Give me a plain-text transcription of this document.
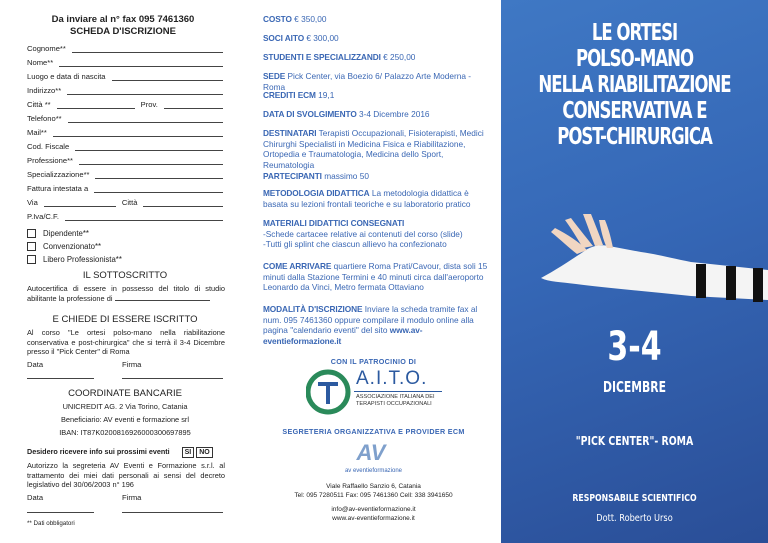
Da inviare al n° fax 095 7461360
SCHEDA D'ISCRIZIONE
Cognome**
Nome**
Luogo e data di nascita
Indirizzo**
Città **	Prov.
Telefono**
Mail**
Cod. Fiscale
Professione**
Specializzazione**
Fattura intestata a
Via	Città
P.Iva/C.F.
Dipendente**
Convenzionato**
Libero Professionista**
IL SOTTOSCRITTO
Autocertifica di essere in possesso del titolo di studio abilitante la professione di
E CHIEDE DI ESSERE ISCRITTO
Al corso "Le ortesi polso-mano nella riabilitazione conservativa e post-chirurgica" che si terrà il 3-4 Dicembre presso il "Pick Center" di Roma
Data	Firma
COORDINATE BANCARIE
UNICREDIT AG. 2 Via Torino, Catania
Beneficiario: AV eventi e formazione srl
IBAN: IT87K0200816926000300697895
Desidero ricevere info sui prossimi eventi SI NO
Autorizzo la segreteria AV Eventi e Formazione s.r.l. al trattamento dei miei dati personali ai sensi del decreto legislativo del 30/06/2003 n° 196
Data	Firma
** Dati obbligatori
COSTO € 350,00
SOCI AITO € 300,00
STUDENTI E SPECIALIZZANDI € 250,00
SEDE Pick Center, via Boezio 6/ Palazzo Arte Moderna - Roma
CREDITI ECM 19,1
DATA DI SVOLGIMENTO 3-4 Dicembre 2016
DESTINATARI Terapisti Occupazionali, Fisioterapisti, Medici Chirurghi Specialisti in Medicina Fisica e Riabilitazione, Ortopedia e Traumatologia, Medicina dello Sport, Reumatologia
PARTECIPANTI massimo 50
METODOLOGIA DIDATTICA La metodologia didattica è basata su lezioni frontali teoriche e su laboratorio pratico
MATERIALI DIDATTICI CONSEGNATI
-Schede cartacee relative ai contenuti del corso (slide)
-Tutti gli splint che ciascun allievo ha confezionato
COME ARRIVARE quartiere Roma Prati/Cavour, dista soli 15 minuti dalla Stazione Termini e 40 minuti circa dall'aeroporto Leonardo da Vinci, Metro fermata Ottaviano
MODALITÀ D'ISCRIZIONE Inviare la scheda tramite fax al num. 095 7461360 oppure compilare il modulo online alla pagina "calendario eventi" del sito www.av-eventieformazione.it
CON IL PATROCINIO DI
A.I.T.O.
ASSOCIAZIONE ITALIANA DEI
TERAPISTI OCCUPAZIONALI
SEGRETERIA ORGANIZZATIVA E PROVIDER ECM
AV
av eventieformazione
Viale Raffaello Sanzio 6, Catania
Tel: 095 7280511 Fax: 095 7461360 Cell: 338 3941650
info@av-eventieformazione.it
www.av-eventieformazione.it
LE ORTESI
POLSO-MANO
NELLA RIABILITAZIONE
CONSERVATIVA E
POST-CHIRURGICA
3-4
DICEMBRE
"PICK CENTER"- ROMA
RESPONSABILE SCIENTIFICO
Dott. Roberto Urso
